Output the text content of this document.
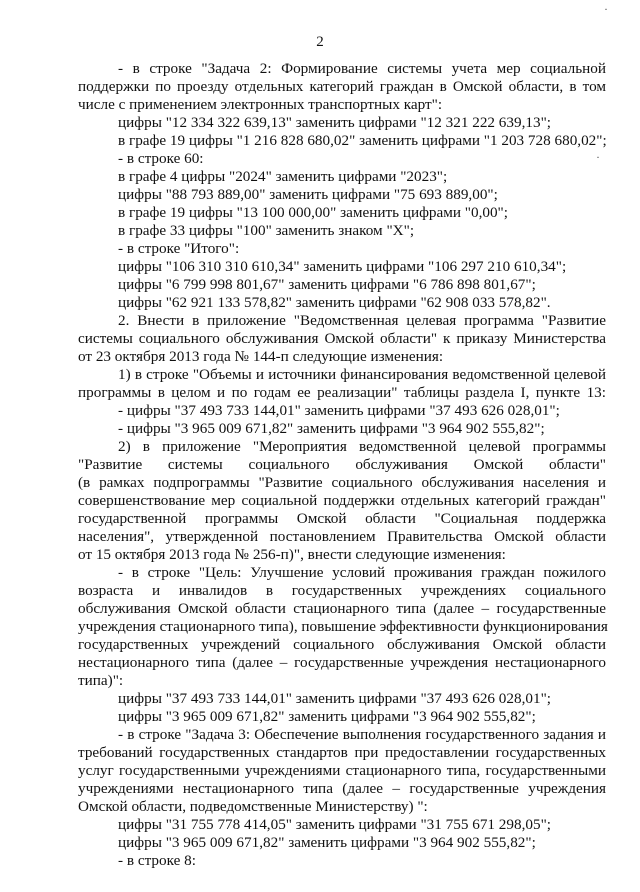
2
·
·
- в строке "Задача 2: Формирование системы учета мер социальной
поддержки по проезду отдельных категорий граждан в Омской области, в том
числе с применением электронных транспортных карт":
цифры "12 334 322 639,13" заменить цифрами "12 321 222 639,13";
в графе 19 цифры "1 216 828 680,02" заменить цифрами "1 203 728 680,02";
- в строке 60:
в графе 4 цифры "2024" заменить цифрами "2023";
цифры "88 793 889,00" заменить цифрами "75 693 889,00";
в графе 19 цифры "13 100 000,00" заменить цифрами "0,00";
в графе 33 цифры "100" заменить знаком "X";
- в строке "Итого":
цифры "106 310 310 610,34" заменить цифрами "106 297 210 610,34";
цифры "6 799 998 801,67" заменить цифрами "6 786 898 801,67";
цифры "62 921 133 578,82" заменить цифрами "62 908 033 578,82".
2. Внести в приложение "Ведомственная целевая программа "Развитие
системы социального обслуживания Омской области" к приказу Министерства
от 23 октября 2013 года № 144-п следующие изменения:
1) в строке "Объемы и источники финансирования ведомственной целевой
программы в целом и по годам ее реализации" таблицы раздела I, пункте 13:
- цифры "37 493 733 144,01" заменить цифрами "37 493 626 028,01";
- цифры "3 965 009 671,82" заменить цифрами "3 964 902 555,82";
2) в приложение "Мероприятия ведомственной целевой программы
"Развитие системы социального обслуживания Омской области"
(в рамках подпрограммы "Развитие социального обслуживания населения и
совершенствование мер социальной поддержки отдельных категорий граждан"
государственной программы Омской области "Социальная поддержка
населения", утвержденной постановлением Правительства Омской области
от 15 октября 2013 года № 256-п)", внести следующие изменения:
- в строке "Цель: Улучшение условий проживания граждан пожилого
возраста и инвалидов в государственных учреждениях социального
обслуживания Омской области стационарного типа (далее – государственные
учреждения стационарного типа), повышение эффективности функционирования
государственных учреждений социального обслуживания Омской области
нестационарного типа (далее – государственные учреждения нестационарного
типа)":
цифры "37 493 733 144,01" заменить цифрами "37 493 626 028,01";
цифры "3 965 009 671,82" заменить цифрами "3 964 902 555,82";
- в строке "Задача 3: Обеспечение выполнения государственного задания и
требований государственных стандартов при предоставлении государственных
услуг государственными учреждениями стационарного типа, государственными
учреждениями нестационарного типа (далее – государственные учреждения
Омской области, подведомственные Министерству) ":
цифры "31 755 778 414,05" заменить цифрами "31 755 671 298,05";
цифры "3 965 009 671,82" заменить цифрами "3 964 902 555,82";
- в строке 8:
